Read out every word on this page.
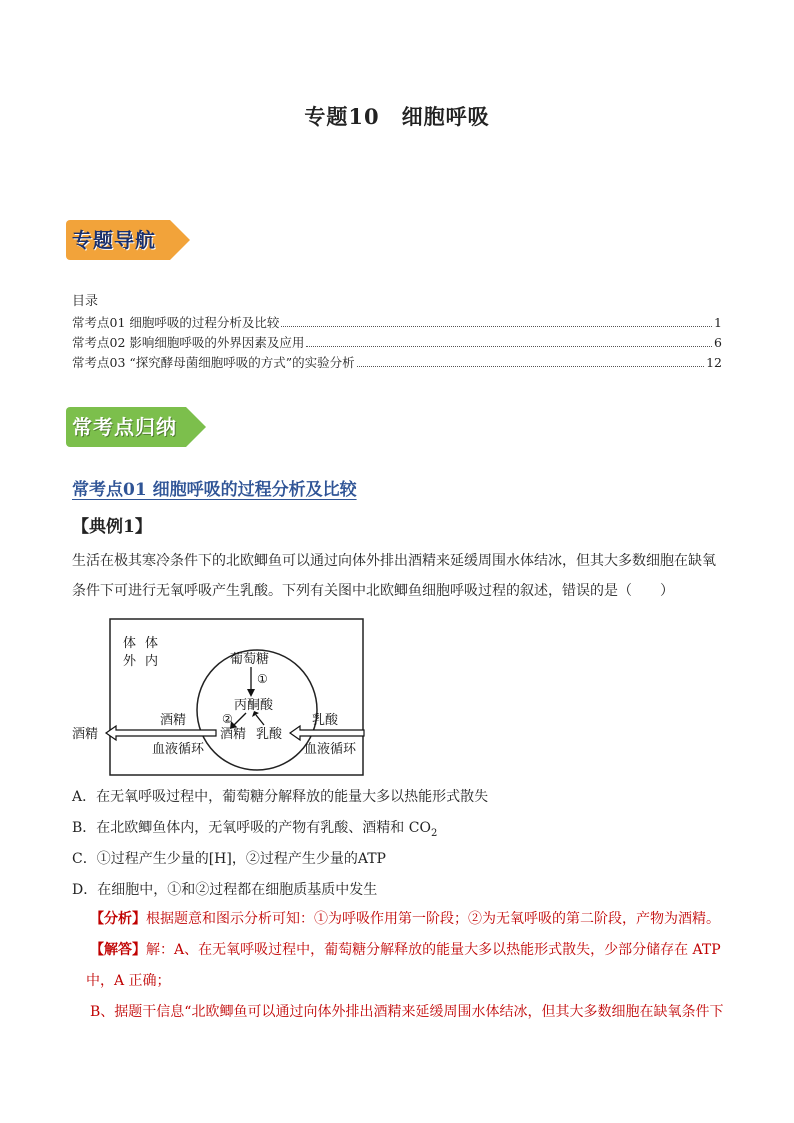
专题10 细胞呼吸
专题导航
目录
常考点01 细胞呼吸的过程分析及比较	1
常考点02 影响细胞呼吸的外界因素及应用	6
常考点03 “探究酵母菌细胞呼吸的方式”的实验分析	12
常考点归纳
常考点01 细胞呼吸的过程分析及比较
【典例1】
生活在极其寒冷条件下的北欧鲫鱼可以通过向体外排出酒精来延缓周围水体结冰，但其大多数细胞在缺氧
条件下可进行无氧呼吸产生乳酸。下列有关图中北欧鲫鱼细胞呼吸过程的叙述，错误的是（　　）
体
外
体
内	葡萄糖
①
丙酮酸
②
酒精 乳酸
酒精
酒精
血液循环
乳酸
血液循环
A．在无氧呼吸过程中，葡萄糖分解释放的能量大多以热能形式散失
B．在北欧鲫鱼体内，无氧呼吸的产物有乳酸、酒精和 $CO_2$
C．①过程产生少量的[H]，②过程产生少量的ATP
D．在细胞中，①和②过程都在细胞质基质中发生
【分析】根据题意和图示分析可知：①为呼吸作用第一阶段；②为无氧呼吸的第二阶段，产物为酒精。
【解答】解：A、在无氧呼吸过程中，葡萄糖分解释放的能量大多以热能形式散失，少部分储存在 ATP
中，A 正确；
B、据题干信息“北欧鲫鱼可以通过向体外排出酒精来延缓周围水体结冰，但其大多数细胞在缺氧条件下
